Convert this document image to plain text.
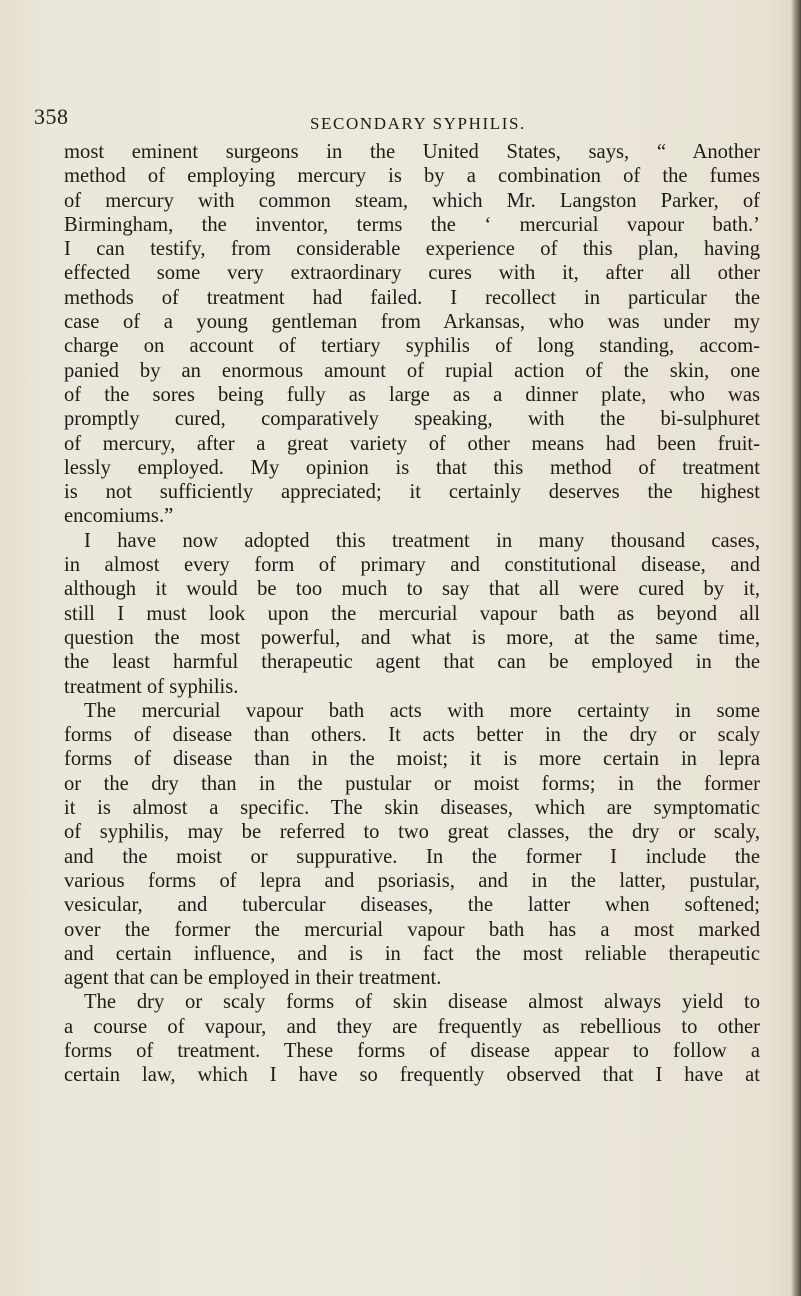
358	SECONDARY SYPHILIS.
most eminent surgeons in the United States, says, “ Another
method of employing mercury is by a combination of the fumes
of mercury with common steam, which Mr. Langston Parker, of
Birmingham, the inventor, terms the ‘ mercurial vapour bath.’
I can testify, from considerable experience of this plan, having
effected some very extraordinary cures with it, after all other
methods of treatment had failed. I recollect in particular the
case of a young gentleman from Arkansas, who was under my
charge on account of tertiary syphilis of long standing, accom-
panied by an enormous amount of rupial action of the skin, one
of the sores being fully as large as a dinner plate, who was
promptly cured, comparatively speaking, with the bi-sulphuret
of mercury, after a great variety of other means had been fruit-
lessly employed. My opinion is that this method of treatment
is not sufficiently appreciated; it certainly deserves the highest
encomiums.”
I have now adopted this treatment in many thousand cases,
in almost every form of primary and constitutional disease, and
although it would be too much to say that all were cured by it,
still I must look upon the mercurial vapour bath as beyond all
question the most powerful, and what is more, at the same time,
the least harmful therapeutic agent that can be employed in the
treatment of syphilis.
The mercurial vapour bath acts with more certainty in some
forms of disease than others. It acts better in the dry or scaly
forms of disease than in the moist; it is more certain in lepra
or the dry than in the pustular or moist forms; in the former
it is almost a specific. The skin diseases, which are symptomatic
of syphilis, may be referred to two great classes, the dry or scaly,
and the moist or suppurative. In the former I include the
various forms of lepra and psoriasis, and in the latter, pustular,
vesicular, and tubercular diseases, the latter when softened;
over the former the mercurial vapour bath has a most marked
and certain influence, and is in fact the most reliable therapeutic
agent that can be employed in their treatment.
The dry or scaly forms of skin disease almost always yield to
a course of vapour, and they are frequently as rebellious to other
forms of treatment. These forms of disease appear to follow a
certain law, which I have so frequently observed that I have at
